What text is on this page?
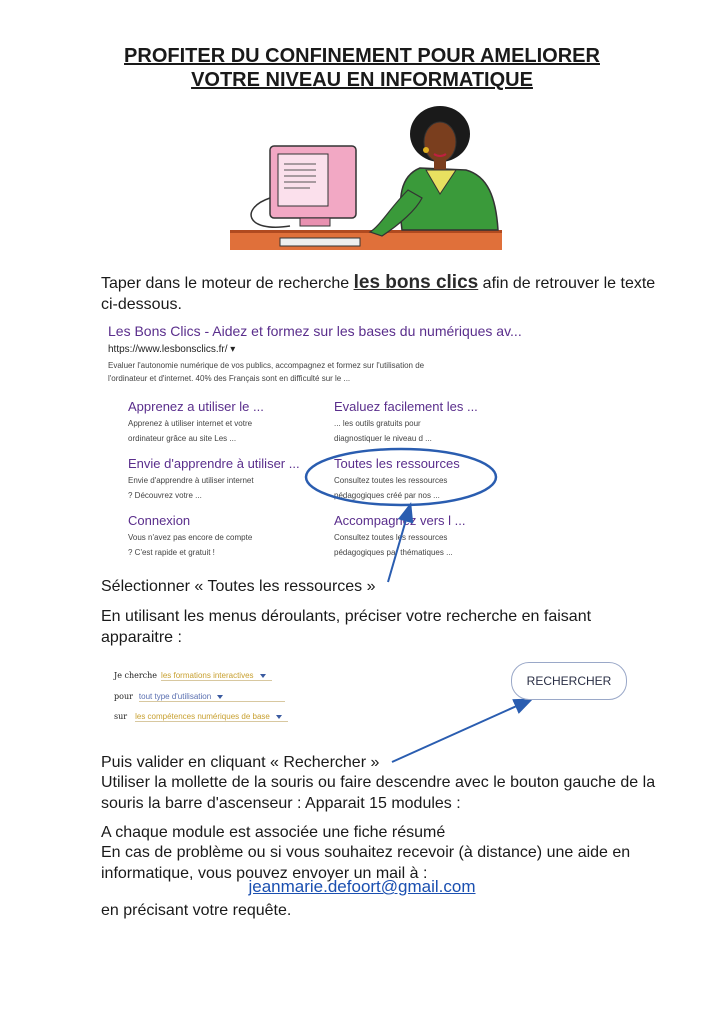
PROFITER DU CONFINEMENT POUR AMELIORER
VOTRE NIVEAU EN INFORMATIQUE
Taper dans le moteur de recherche les bons clics afin de retrouver le texte ci-dessous.
Les Bons Clics - Aidez et formez sur les bases du numériques av...
https://www.lesbonsclics.fr/ ▾
Evaluer l'autonomie numérique de vos publics, accompagnez et formez sur l'utilisation de
l'ordinateur et d'internet. 40% des Français sont en difficulté sur le ...
Apprenez a utiliser le ...
Apprenez à utiliser internet et votre
ordinateur grâce au site Les ...
Evaluez facilement les ...
... les outils gratuits pour
diagnostiquer le niveau d ...
Envie d'apprendre à utiliser ...
Envie d'apprendre à utiliser internet
? Découvrez votre ...
Toutes les ressources
Consultez toutes les ressources
pédagogiques créé par nos ...
Connexion
Vous n'avez pas encore de compte
? C'est rapide et gratuit !
Accompagnez vers l ...
Consultez toutes les ressources
pédagogiques par thématiques ...
Sélectionner « Toutes les ressources »
En utilisant les menus déroulants, préciser votre recherche en faisant apparaitre :
Je cherche les formations interactives
pour tout type d'utilisation
sur les compétences numériques de base
RECHERCHER
Puis valider en cliquant « Rechercher »
Utiliser la mollette de la souris ou faire descendre avec le bouton gauche de la souris la barre d'ascenseur : Apparait 15 modules :
A chaque module est associée une fiche résumé
En cas de problème ou si vous souhaitez recevoir (à distance) une aide en informatique, vous pouvez envoyer un mail à :
jeanmarie.defoort@gmail.com
en précisant votre requête.
